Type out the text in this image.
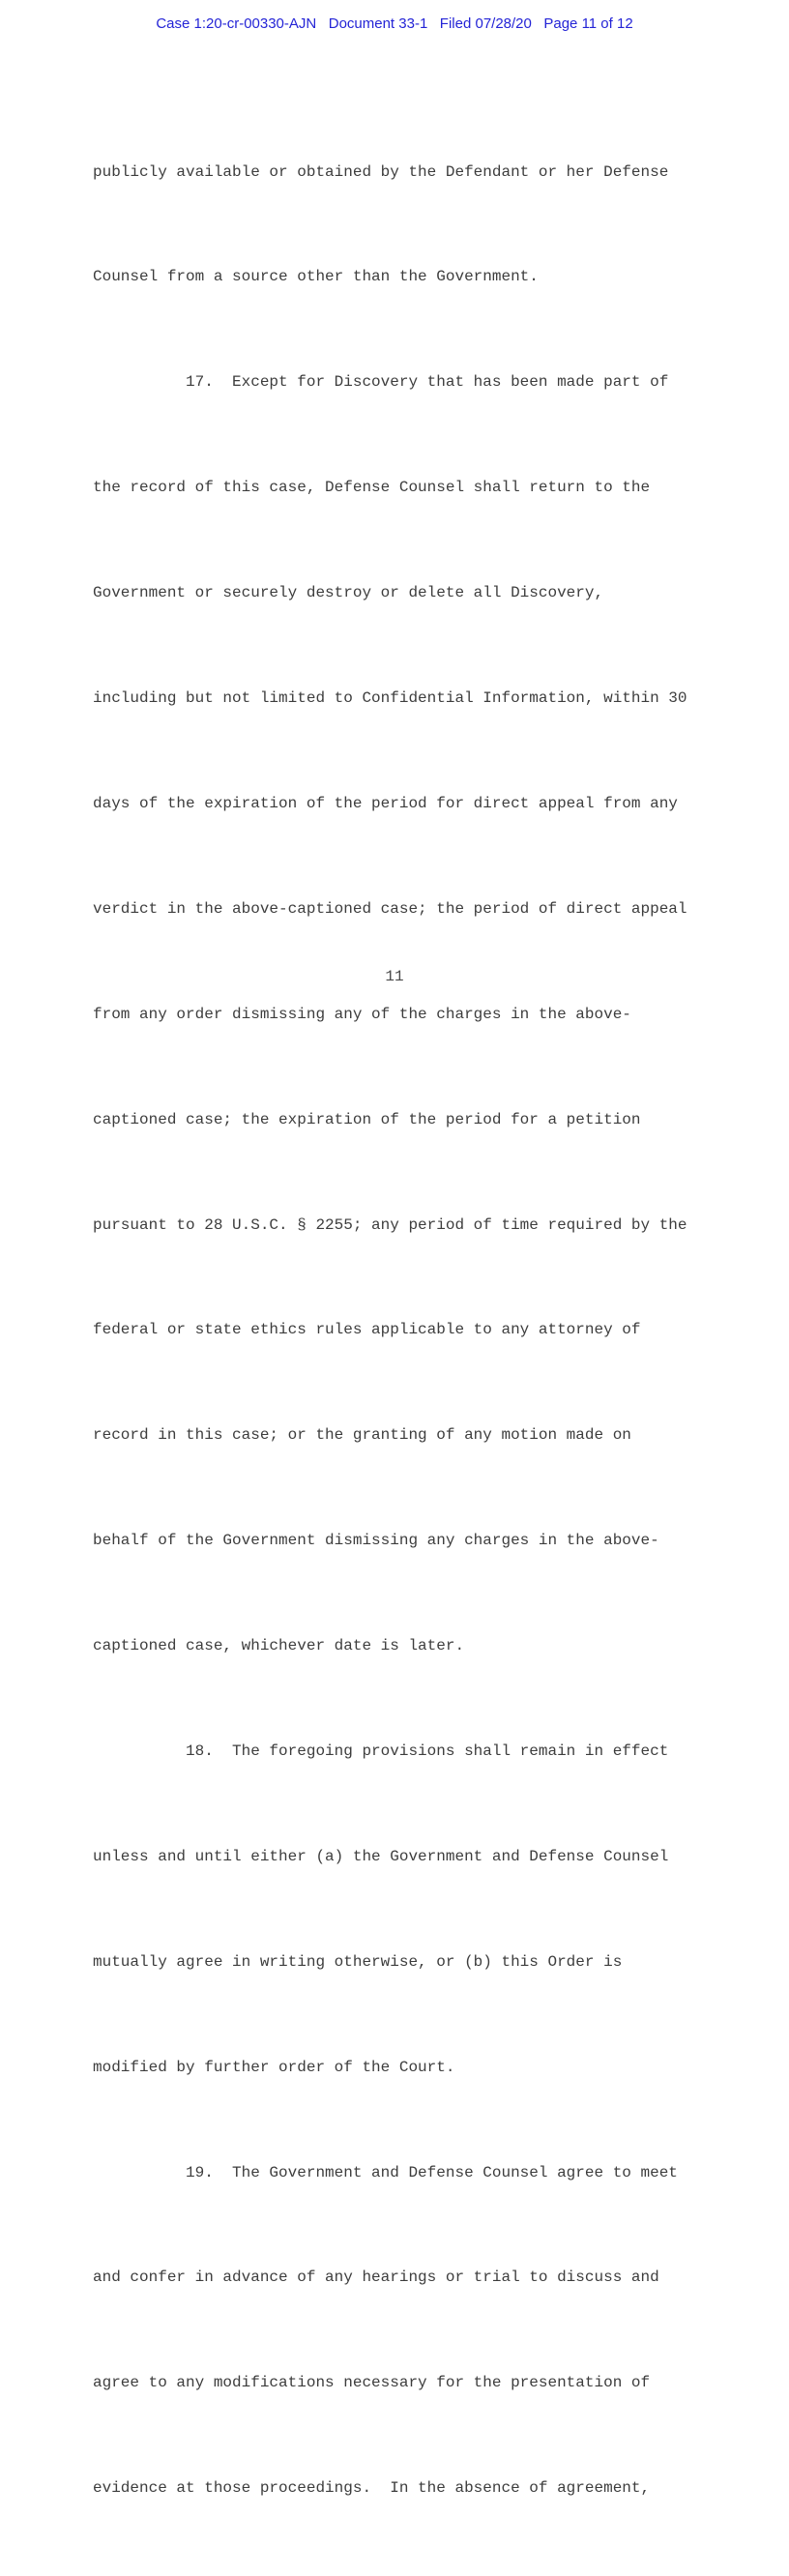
Case 1:20-cr-00330-AJN   Document 33-1   Filed 07/28/20   Page 11 of 12

publicly available or obtained by the Defendant or her Defense

Counsel from a source other than the Government.

17.  Except for Discovery that has been made part of

the record of this case, Defense Counsel shall return to the

Government or securely destroy or delete all Discovery,

including but not limited to Confidential Information, within 30

days of the expiration of the period for direct appeal from any

verdict in the above-captioned case; the period of direct appeal

from any order dismissing any of the charges in the above-

captioned case; the expiration of the period for a petition

pursuant to 28 U.S.C. § 2255; any period of time required by the

federal or state ethics rules applicable to any attorney of

record in this case; or the granting of any motion made on

behalf of the Government dismissing any charges in the above-

captioned case, whichever date is later.

18.  The foregoing provisions shall remain in effect

unless and until either (a) the Government and Defense Counsel

mutually agree in writing otherwise, or (b) this Order is

modified by further order of the Court.

19.  The Government and Defense Counsel agree to meet

and confer in advance of any hearings or trial to discuss and

agree to any modifications necessary for the presentation of

evidence at those proceedings.  In the absence of agreement,

11
